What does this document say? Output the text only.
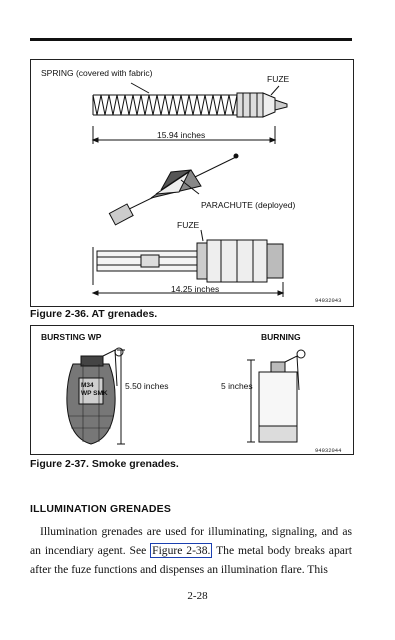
SPRING (covered with fabric)
FUZE
15.94 inches
PARACHUTE (deployed)
FUZE
14.25 inches
94032043
Figure 2-36. AT grenades.
BURSTING WP	BURNING
5.50 inches	5 inches
M34
WP SMK
94032044
Figure 2-37. Smoke grenades.
ILLUMINATION GRENADES
Illumination grenades are used for illuminating, signaling, and as an incendiary agent. See Figure 2-38. The metal body breaks apart after the fuze functions and dispenses an illumination flare. This
2-28
